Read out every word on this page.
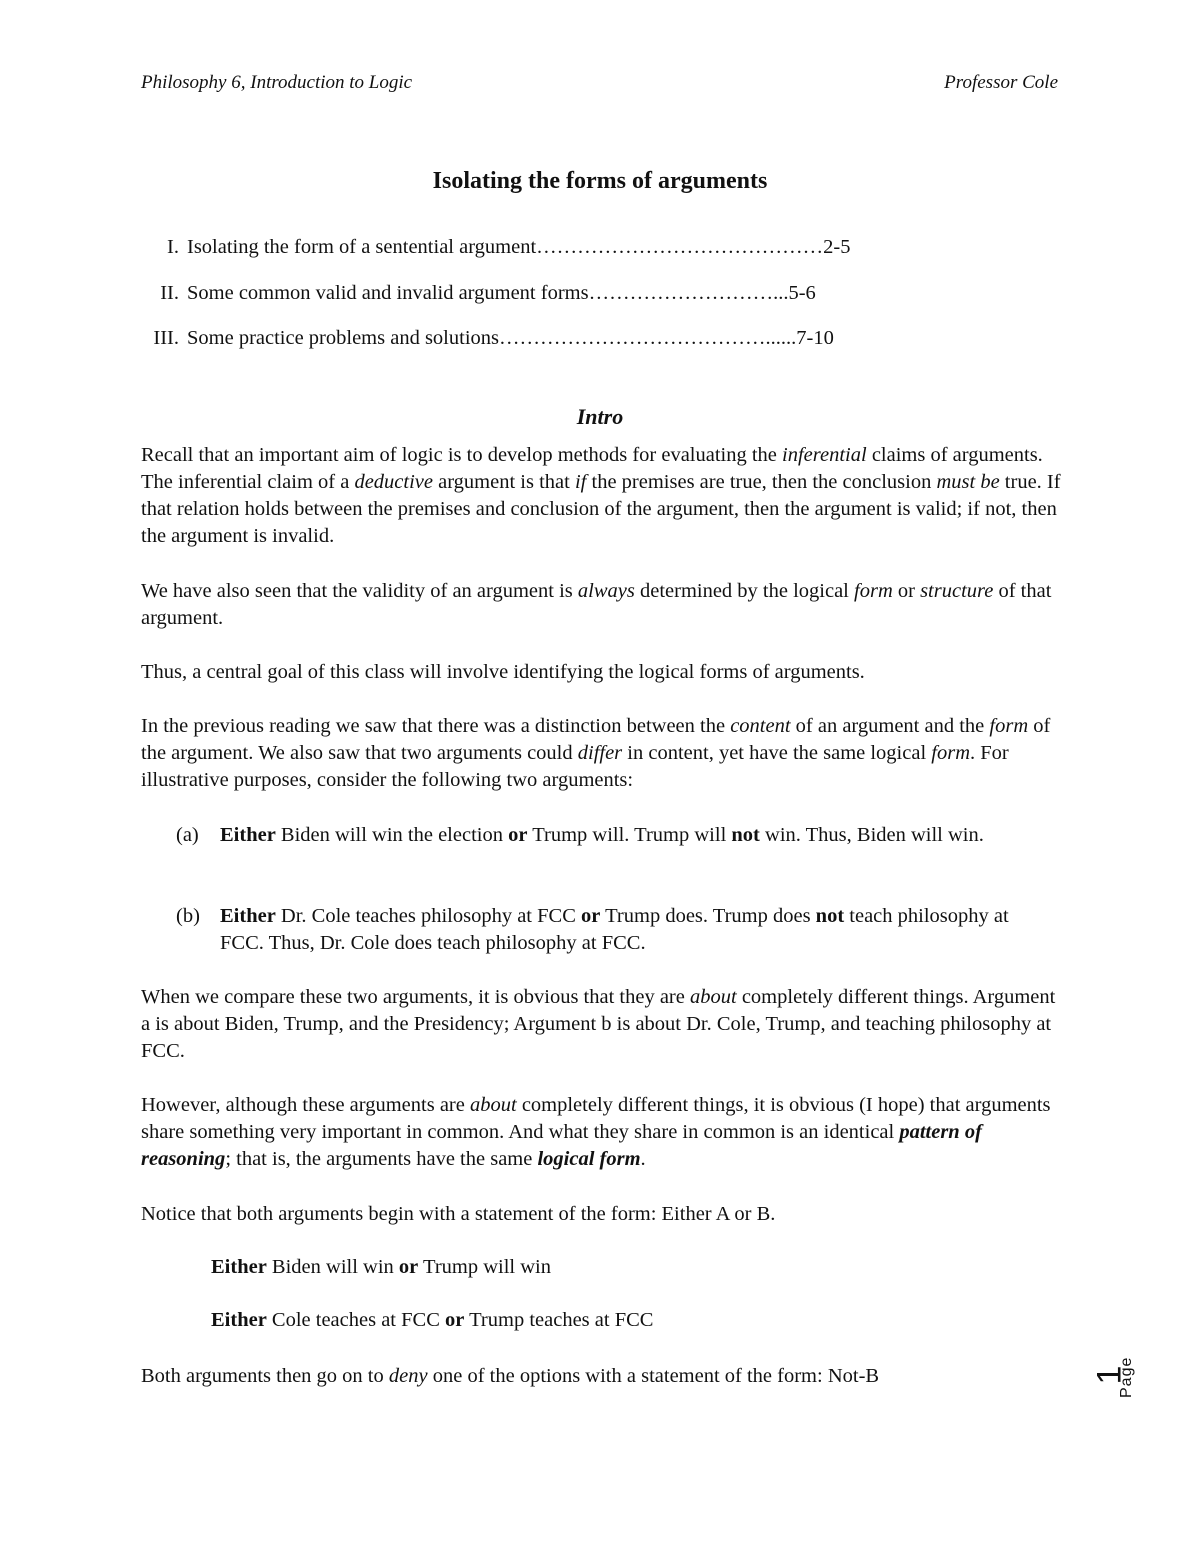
Philosophy 6, Introduction to Logic	Professor Cole
Isolating the forms of arguments
I. Isolating the form of a sentential argument……………………………………2-5
II. Some common valid and invalid argument forms………………………...5-6
III. Some practice problems and solutions…………………………………......7-10
Intro

Recall that an important aim of logic is to develop methods for evaluating the inferential claims of arguments. The inferential claim of a deductive argument is that if the premises are true, then the conclusion must be true. If that relation holds between the premises and conclusion of the argument, then the argument is valid; if not, then the argument is invalid.

We have also seen that the validity of an argument is always determined by the logical form or structure of that argument.

Thus, a central goal of this class will involve identifying the logical forms of arguments.

In the previous reading we saw that there was a distinction between the content of an argument and the form of the argument. We also saw that two arguments could differ in content, yet have the same logical form. For illustrative purposes, consider the following two arguments:

(a) Either Biden will win the election or Trump will. Trump will not win. Thus, Biden will win.
(b) Either Dr. Cole teaches philosophy at FCC or Trump does. Trump does not teach philosophy at FCC. Thus, Dr. Cole does teach philosophy at FCC.

When we compare these two arguments, it is obvious that they are about completely different things. Argument a is about Biden, Trump, and the Presidency; Argument b is about Dr. Cole, Trump, and teaching philosophy at FCC.

However, although these arguments are about completely different things, it is obvious (I hope) that arguments share something very important in common. And what they share in common is an identical pattern of reasoning; that is, the arguments have the same logical form.

Notice that both arguments begin with a statement of the form: Either A or B.

Either Biden will win or Trump will win
Either Cole teaches at FCC or Trump teaches at FCC

Both arguments then go on to deny one of the options with a statement of the form: Not-B	1
Page
